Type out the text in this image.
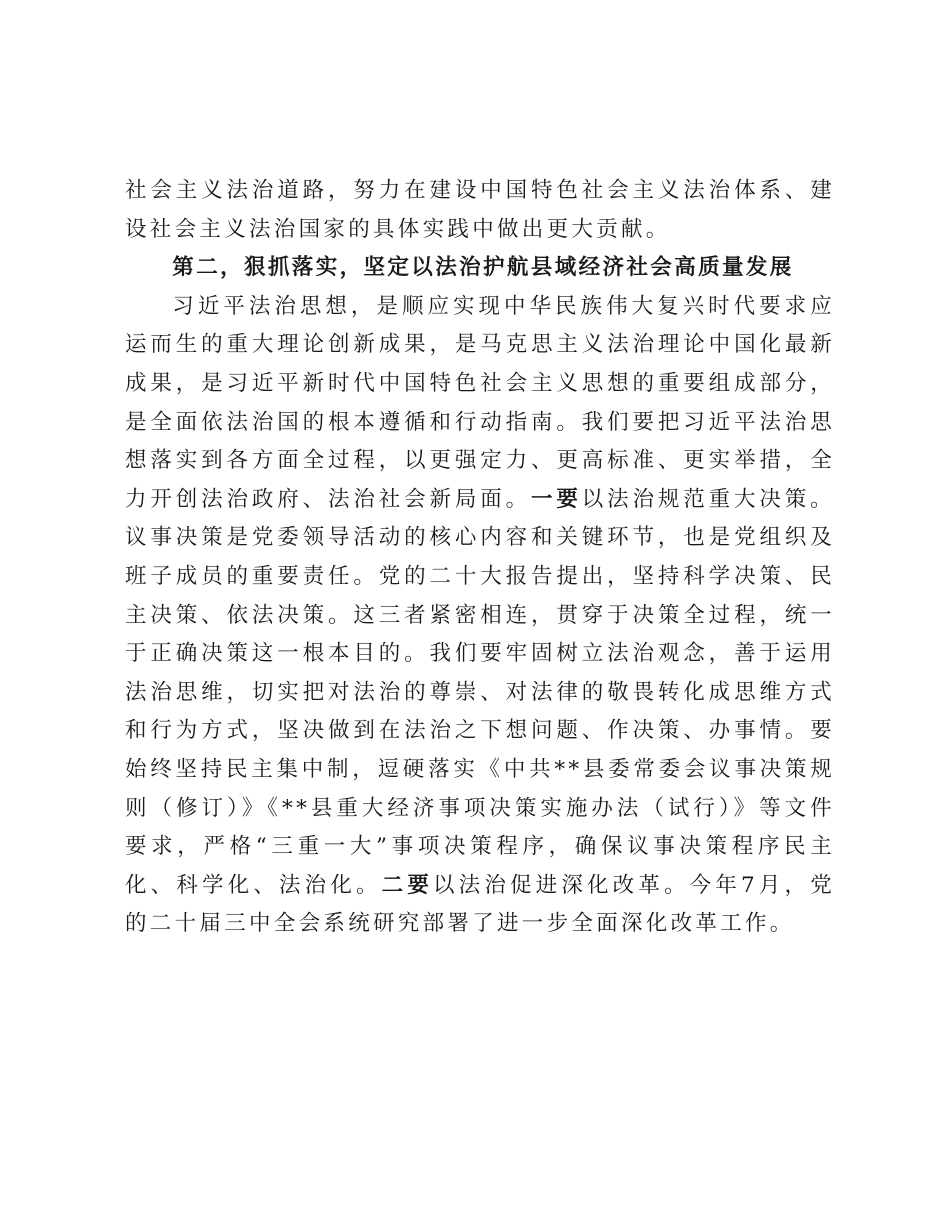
社会主义法治道路，努力在建设中国特色社会主义法治体系、建设社会主义法治国家的具体实践中做出更大贡献。

第二，狠抓落实，坚定以法治护航县域经济社会高质量发展

习近平法治思想，是顺应实现中华民族伟大复兴时代要求应运而生的重大理论创新成果，是马克思主义法治理论中国化最新成果，是习近平新时代中国特色社会主义思想的重要组成部分，是全面依法治国的根本遵循和行动指南。我们要把习近平法治思想落实到各方面全过程，以更强定力、更高标准、更实举措，全力开创法治政府、法治社会新局面。一要以法治规范重大决策。议事决策是党委领导活动的核心内容和关键环节，也是党组织及班子成员的重要责任。党的二十大报告提出，坚持科学决策、民主决策、依法决策。这三者紧密相连，贯穿于决策全过程，统一于正确决策这一根本目的。我们要牢固树立法治观念，善于运用法治思维，切实把对法治的尊崇、对法律的敬畏转化成思维方式和行为方式，坚决做到在法治之下想问题、作决策、办事情。要始终坚持民主集中制，逗硬落实《中共**县委常委会议事决策规则（修订）》《**县重大经济事项决策实施办法（试行）》等文件要求，严格“三重一大”事项决策程序，确保议事决策程序民主化、科学化、法治化。二要以法治促进深化改革。今年7月，党的二十届三中全会系统研究部署了进一步全面深化改革工作。
